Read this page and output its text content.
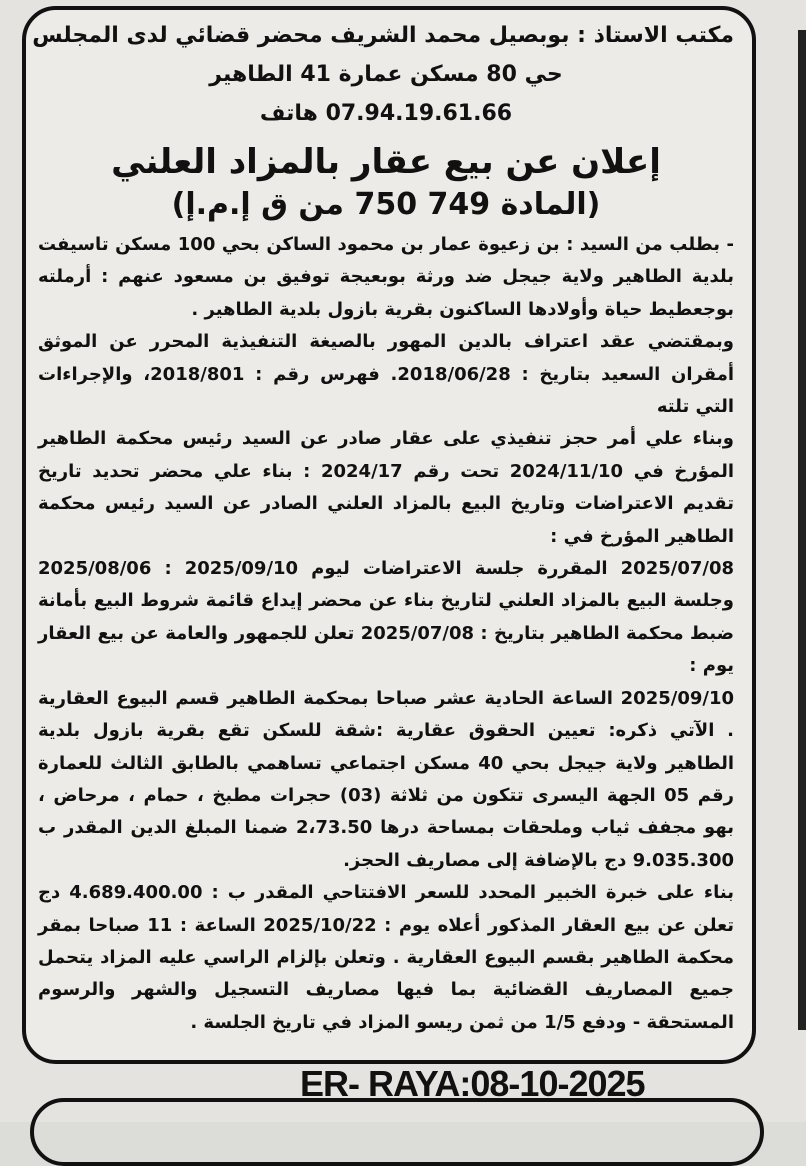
مكتب الاستاذ : بوبصيل محمد الشريف محضر قضائي لدى المجلس
حي 80 مسكن عمارة 41 الطاهير
07.94.19.61.66 هاتف
إعلان عن بيع عقار بالمزاد العلني
(المادة 749 750 من ق إ.م.إ)

- بطلب من السيد : بن زعيوة عمار بن محمود الساكن بحي 100 مسكن تاسيفت بلدية الطاهير ولاية جيجل ضد ورثة بوبعيجة توفيق بن مسعود عنهم : أرملته بوجعطيط حياة وأولادها الساكنون بقرية بازول بلدية الطاهير .

وبمقتضي عقد اعتراف بالدين المهور بالصيغة التنفيذية المحرر عن الموثق أمقران السعيد بتاريخ : 2018/06/28. فهرس رقم : 2018/801، والإجراءات التي تلته

وبناء علي أمر حجز تنفيذي على عقار صادر عن السيد رئيس محكمة الطاهير المؤرخ في 2024/11/10 تحت رقم 2024/17 : بناء علي محضر تحديد تاريخ تقديم الاعتراضات وتاريخ البيع بالمزاد العلني الصادر عن السيد رئيس محكمة الطاهير المؤرخ في :

2025/07/08 المقررة جلسة الاعتراضات ليوم 2025/09/10 : 2025/08/06 وجلسة البيع بالمزاد العلني لتاريخ بناء عن محضر إيداع قائمة شروط البيع بأمانة ضبط محكمة الطاهير بتاريخ : 2025/07/08 تعلن للجمهور والعامة عن بيع العقار يوم :

2025/09/10 الساعة الحادية عشر صباحا بمحكمة الطاهير قسم البيوع العقارية . الآتي ذكره: تعيين الحقوق عقارية :شقة للسكن تقع بقرية بازول بلدية الطاهير ولاية جيجل بحي 40 مسكن اجتماعي تساهمي بالطابق الثالث للعمارة رقم 05 الجهة اليسرى تتكون من ثلاثة (03) حجرات مطبخ ، حمام ، مرحاض ، بهو مجفف ثياب وملحقات بمساحة درها 2،73.50 ضمنا المبلغ الدين المقدر ب 9.035.300 دج بالإضافة إلى مصاريف الحجز.

بناء على خبرة الخبير المحدد للسعر الافتتاحي المقدر ب : 4.689.400.00 دج تعلن عن بيع العقار المذكور أعلاه يوم : 2025/10/22 الساعة : 11 صباحا بمقر محكمة الطاهير بقسم البيوع العقارية . وتعلن بإلزام الراسي عليه المزاد يتحمل جميع المصاريف القضائية بما فيها مصاريف التسجيل والشهر والرسوم المستحقة - ودفع 1/5 من ثمن ريسو المزاد في تاريخ الجلسة .

ER- RAYA:08-10-2025
